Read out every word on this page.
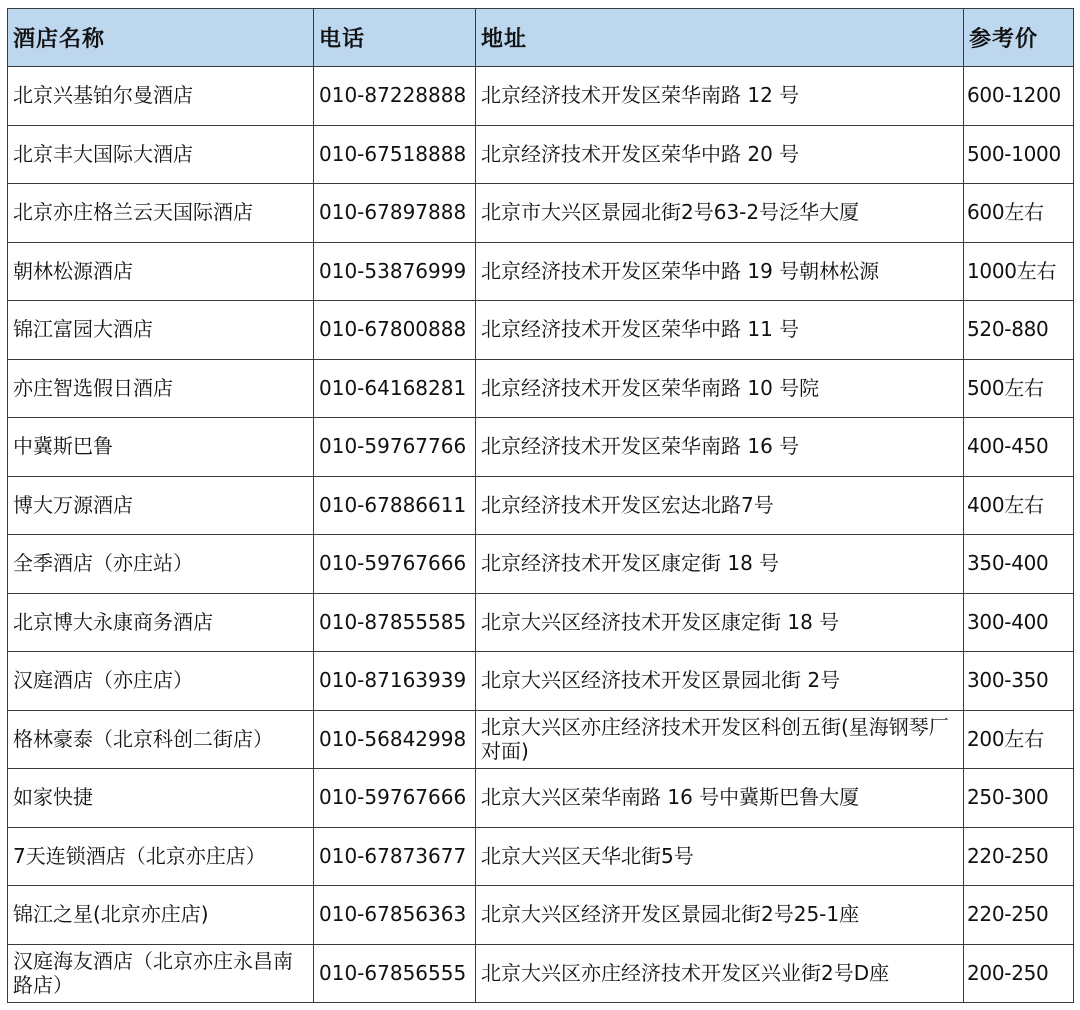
酒店名称	电话	地址	参考价
北京兴基铂尔曼酒店	010-87228888	北京经济技术开发区荣华南路 12 号	600-1200
北京丰大国际大酒店	010-67518888	北京经济技术开发区荣华中路 20 号	500-1000
北京亦庄格兰云天国际酒店	010-67897888	北京市大兴区景园北街2号63-2号泛华大厦	600左右
朝林松源酒店	010-53876999	北京经济技术开发区荣华中路 19 号朝林松源	1000左右
锦江富园大酒店	010-67800888	北京经济技术开发区荣华中路 11 号	520-880
亦庄智选假日酒店	010-64168281	北京经济技术开发区荣华南路 10 号院	500左右
中冀斯巴鲁	010-59767766	北京经济技术开发区荣华南路 16 号	400-450
博大万源酒店	010-67886611	北京经济技术开发区宏达北路7号	400左右
全季酒店（亦庄站）	010-59767666	北京经济技术开发区康定街 18 号	350-400
北京博大永康商务酒店	010-87855585	北京大兴区经济技术开发区康定街 18 号	300-400
汉庭酒店（亦庄店）	010-87163939	北京大兴区经济技术开发区景园北街 2号	300-350
格林豪泰（北京科创二街店）	010-56842998	北京大兴区亦庄经济技术开发区科创五街(星海钢琴厂对面)	200左右
如家快捷	010-59767666	北京大兴区荣华南路 16 号中冀斯巴鲁大厦	250-300
7天连锁酒店（北京亦庄店）	010-67873677	北京大兴区天华北街5号	220-250
锦江之星(北京亦庄店)	010-67856363	北京大兴区经济开发区景园北街2号25-1座	220-250
汉庭海友酒店（北京亦庄永昌南路店）	010-67856555	北京大兴区亦庄经济技术开发区兴业街2号D座	200-250
